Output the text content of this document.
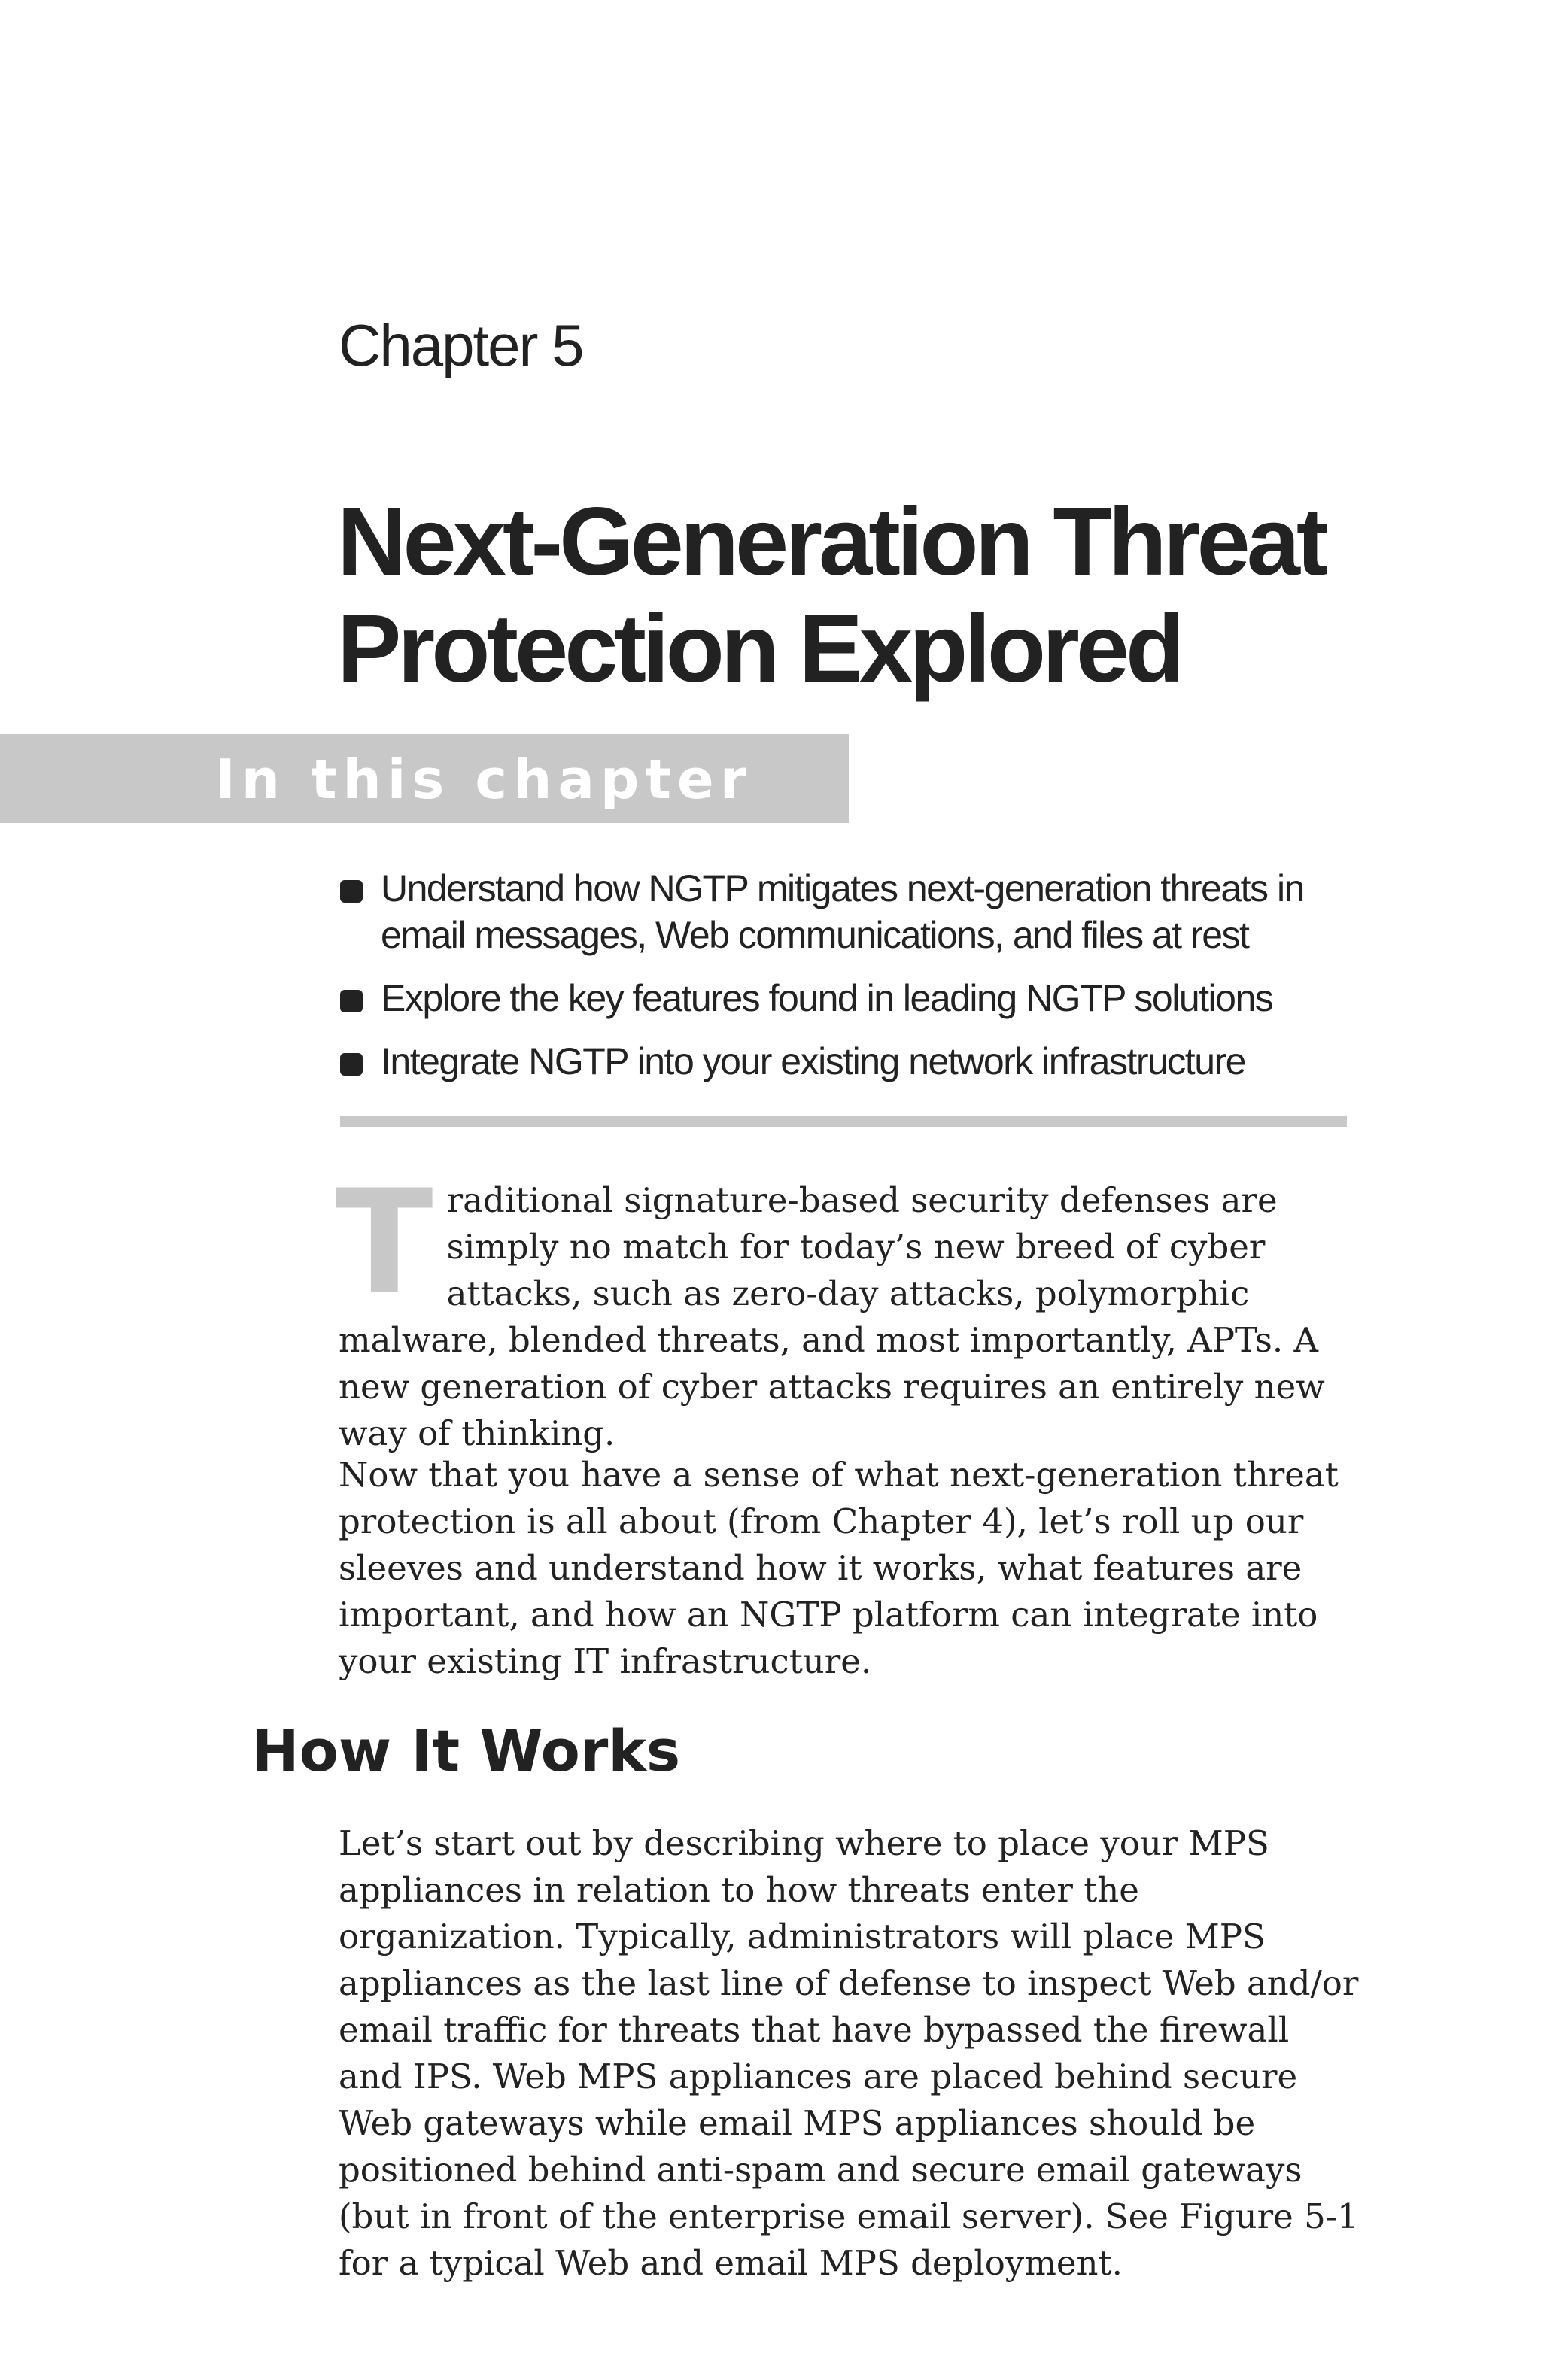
Chapter 5
Next-Generation Threat Protection Explored
In this chapter
Understand how NGTP mitigates next-generation threats in email messages, Web communications, and files at rest
Explore the key features found in leading NGTP solutions
Integrate NGTP into your existing network infrastructure

Traditional signature-based security defenses are simply no match for today’s new breed of cyber attacks, such as zero-day attacks, polymorphic malware, blended threats, and most importantly, APTs. A new generation of cyber attacks requires an entirely new way of thinking.

Now that you have a sense of what next-generation threat protection is all about (from Chapter 4), let’s roll up our sleeves and understand how it works, what features are important, and how an NGTP platform can integrate into your existing IT infrastructure.

How It Works

Let’s start out by describing where to place your MPS appliances in relation to how threats enter the organization. Typically, administrators will place MPS appliances as the last line of defense to inspect Web and/or email traffic for threats that have bypassed the firewall and IPS. Web MPS appliances are placed behind secure Web gateways while email MPS appliances should be positioned behind anti-spam and secure email gateways (but in front of the enterprise email server). See Figure 5-1 for a typical Web and email MPS deployment.
